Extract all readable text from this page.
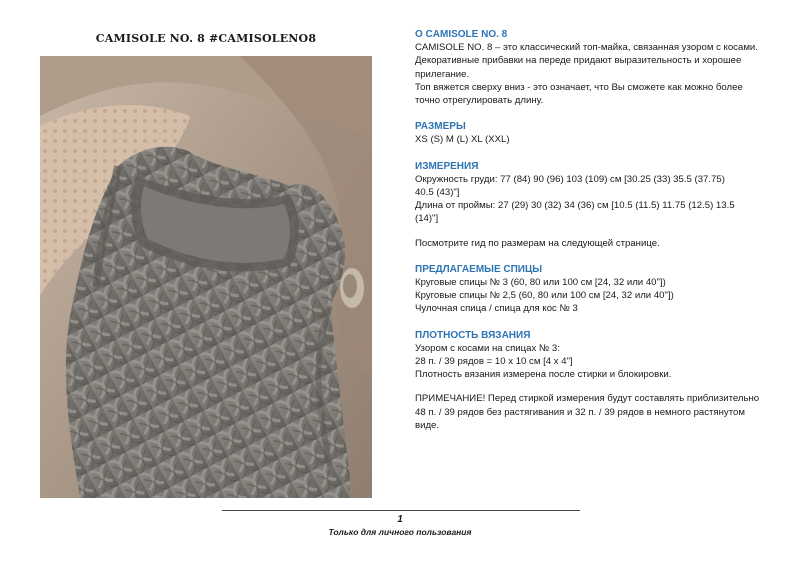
CAMISOLE NO. 8 #CAMISOLENO8	О CAMISOLE NO. 8

CAMISOLE NO. 8 – это классический топ-майка, связанная узором с косами.

Декоративные прибавки на переде придают выразительность и хорошее

прилегание.

Топ вяжется сверху вниз - это означает, что Вы сможете как можно более

точно отрегулировать длину.

РАЗМЕРЫ

XS (S) M (L) XL (XXL)

ИЗМЕРЕНИЯ

Окружность груди: 77 (84) 90 (96) 103 (109) см [30.25 (33) 35.5 (37.75)

40.5 (43)"]

Длина от проймы: 27 (29) 30 (32) 34 (36) см [10.5 (11.5) 11.75 (12.5) 13.5

(14)"]

Посмотрите гид по размерам на следующей странице.

ПРЕДЛАГАЕМЫЕ СПИЦЫ

Круговые спицы № 3 (60, 80 или 100 см [24, 32 или 40"])

Круговые спицы № 2,5 (60, 80 или 100 см [24, 32 или 40"])

Чулочная спица / спица для кос № 3

ПЛОТНОСТЬ ВЯЗАНИЯ

Узором с косами на спицах № 3:

28 п. / 39 рядов = 10 х 10 см [4 x 4"]

Плотность вязания измерена после стирки и блокировки.

ПРИМЕЧАНИЕ! Перед стиркой измерения будут составлять приблизительно

48 п. / 39 рядов без растягивания и 32 п. / 39 рядов в немного растянутом

виде.

1
Только для личного пользования
